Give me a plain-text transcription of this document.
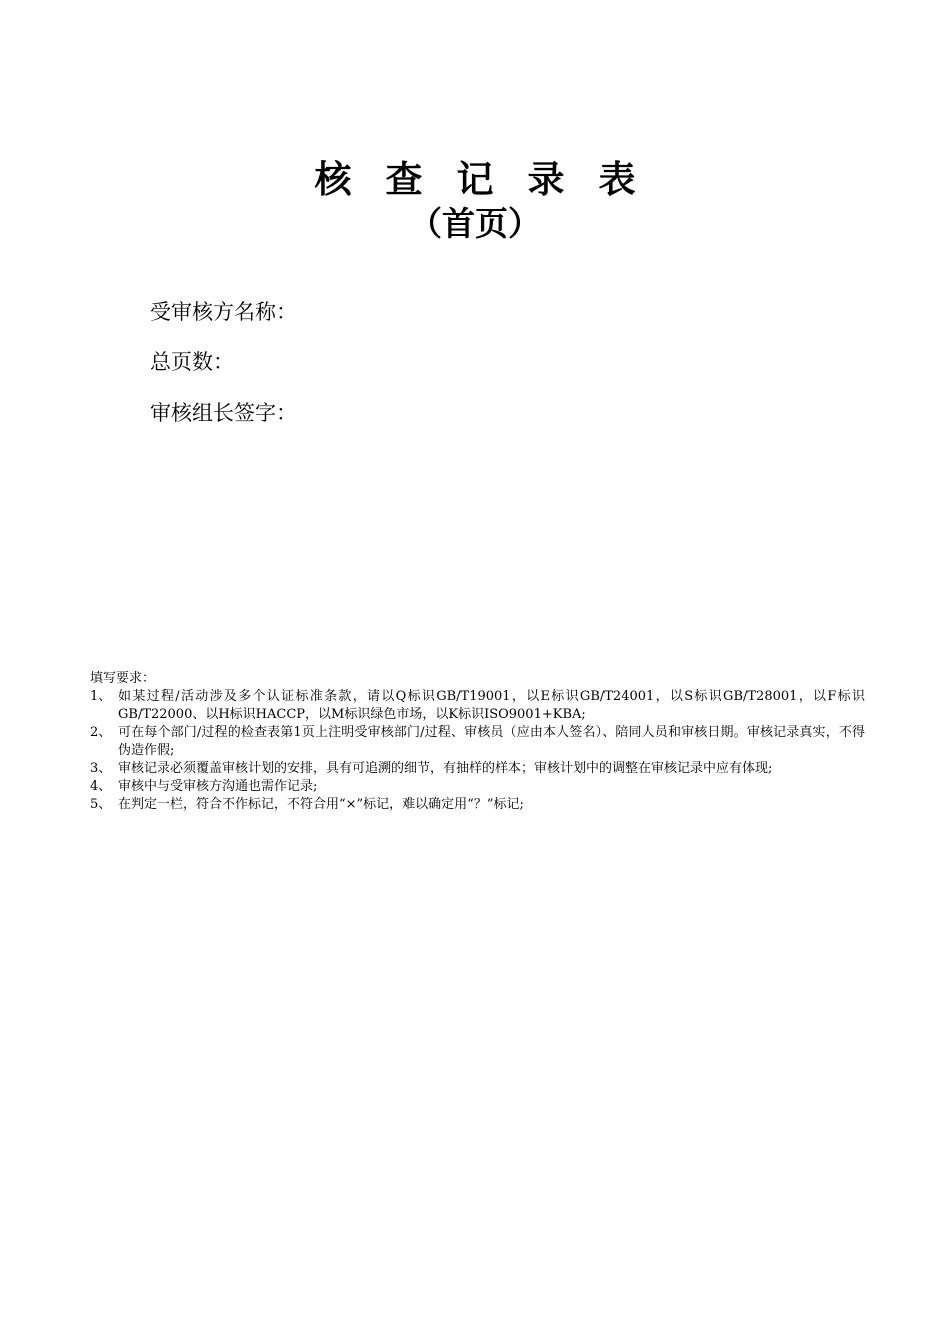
核查记录表
（首页）
受审核方名称：
总页数：
审核组长签字：

填写要求：

1、 如某过程/活动涉及多个认证标准条款，请以Q标识GB/T19001，以E标识GB/T24001，以S标识GB/T28001，以F标识GB/T22000、以H标识HACCP，以M标识绿色市场，以K标识ISO9001+KBA;
2、 可在每个部门/过程的检查表第1页上注明受审核部门/过程、审核员（应由本人签名）、陪同人员和审核日期。审核记录真实，不得伪造作假;
3、 审核记录必须覆盖审核计划的安排，具有可追溯的细节，有抽样的样本；审核计划中的调整在审核记录中应有体现;
4、 审核中与受审核方沟通也需作记录;
5、 在判定一栏，符合不作标记，不符合用“×”标记，难以确定用“？”标记;
